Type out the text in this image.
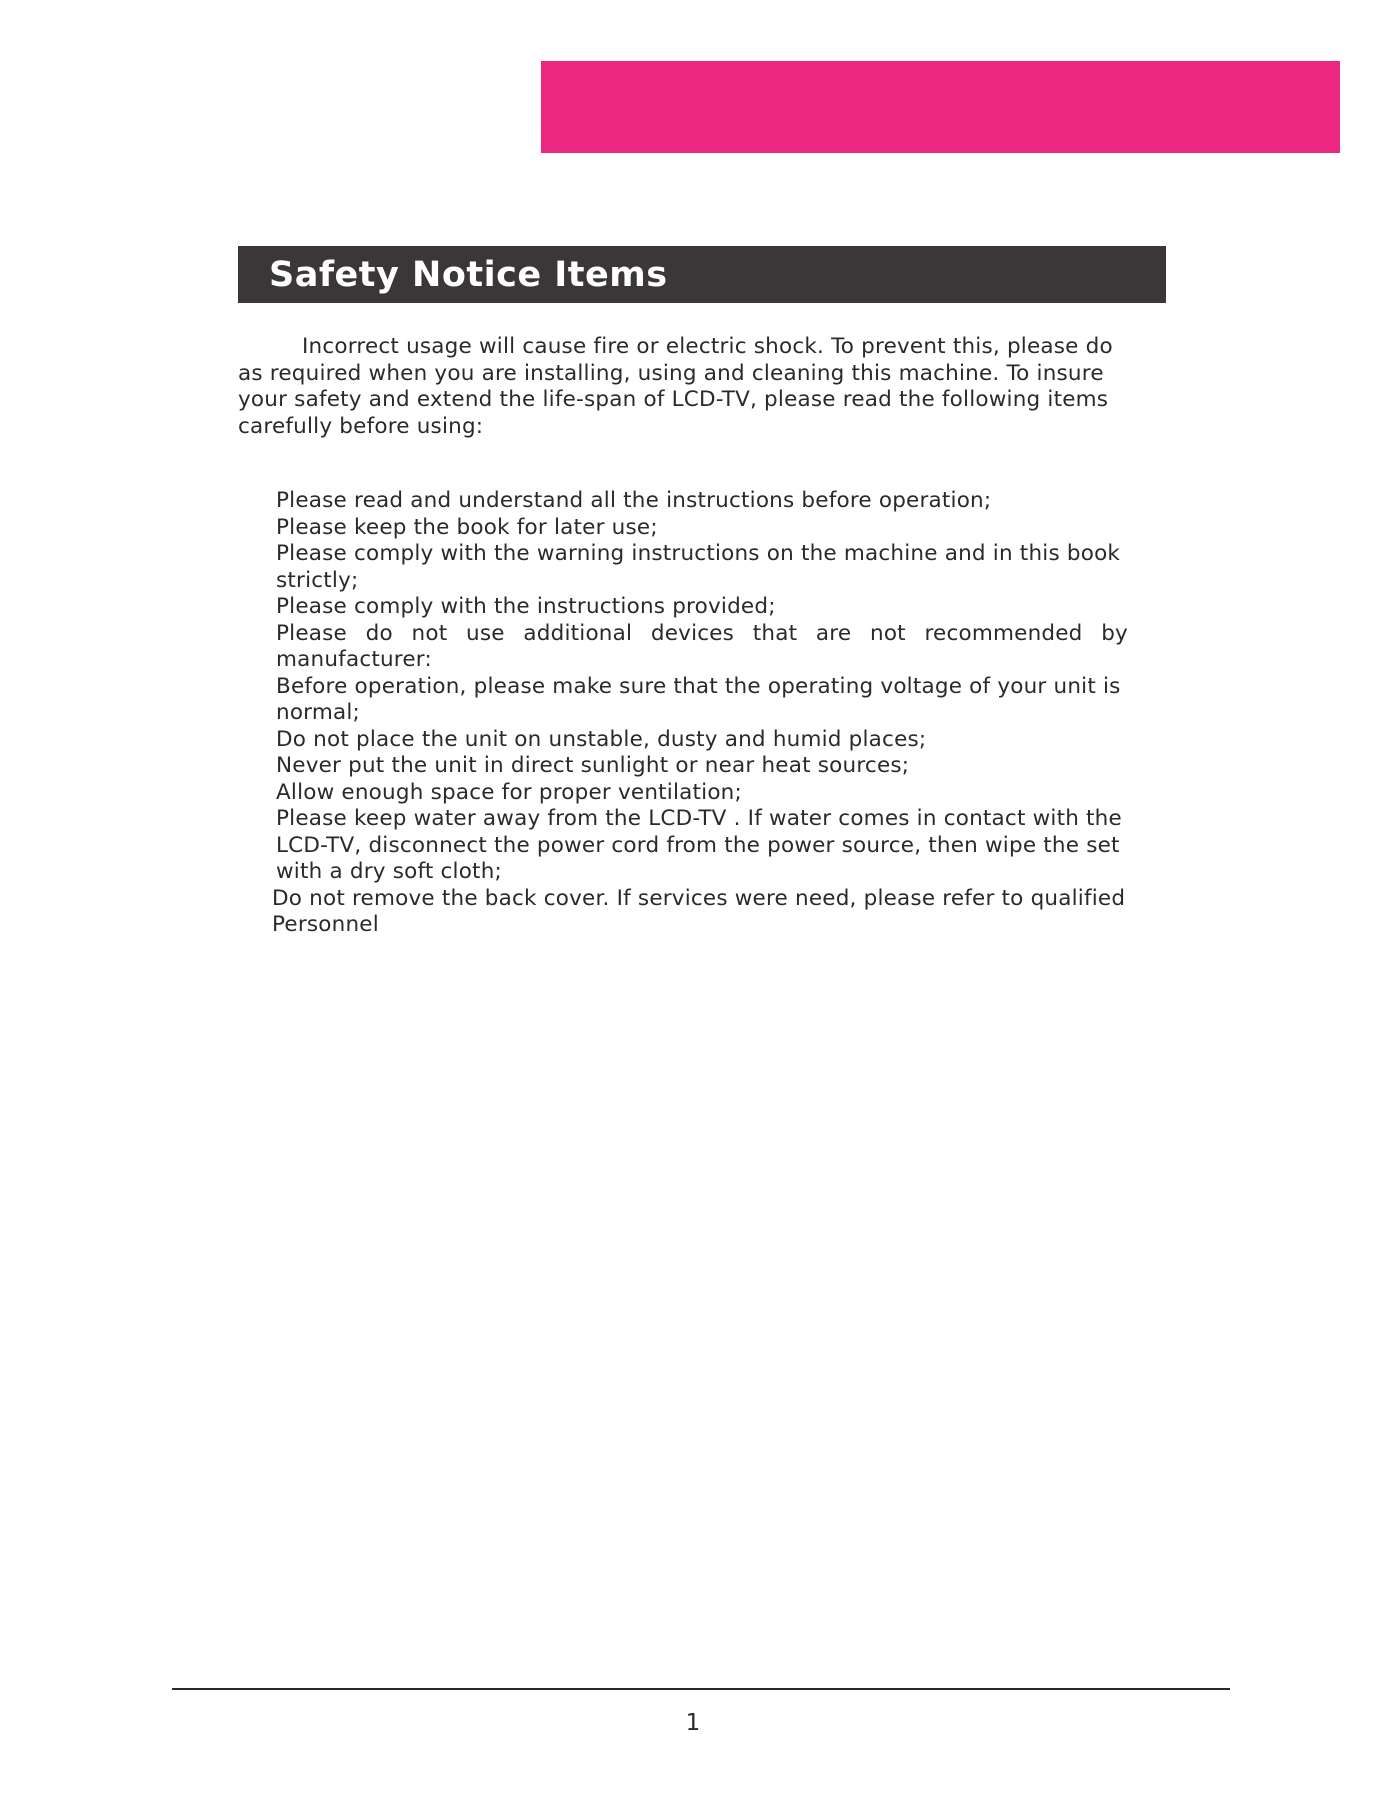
Safety Notice Items

Incorrect usage will cause fire or electric shock. To prevent this, please do as required when you are installing, using and cleaning this machine. To insure your safety and extend the life-span of LCD-TV, please read the following items carefully before using:

Please read and understand all the instructions before operation;
Please keep the book for later use;
Please comply with the warning instructions on the machine and in this book strictly;
Please comply with the instructions provided;
Please do not use additional devices that are not recommended by manufacturer:
Before operation, please make sure that the operating voltage of your unit is normal;
Do not place the unit on unstable, dusty and humid places;
Never put the unit in direct sunlight or near heat sources;
Allow enough space for proper ventilation;
Please keep water away from the LCD-TV . If water comes in contact with the LCD-TV, disconnect the power cord from the power source, then wipe the set with a dry soft cloth;
Do not remove the back cover. If services were need, please refer to qualified Personnel
1
